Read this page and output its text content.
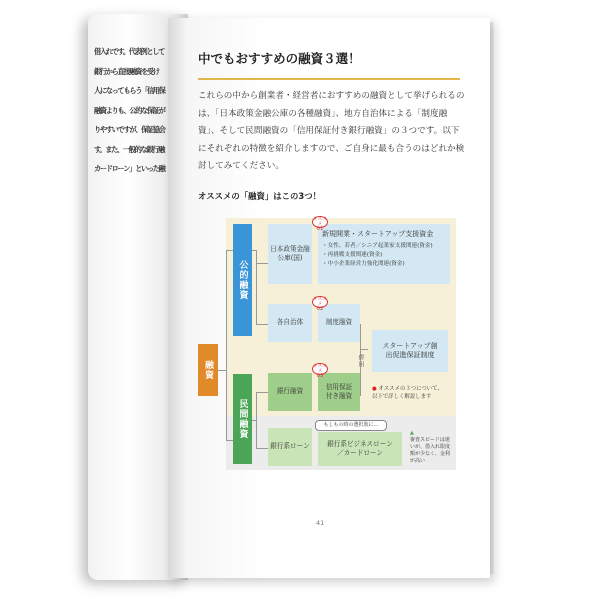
借入れです。代表例として
銀行から直接融資を受け
人になってもらう「信用保
融資よりも、公的な保証が
りやすいですが、保証協会
す。また、一般的な銀行融
カードローン」といった融
中でもおすすめの融資３選！
これらの中から創業者・経営者におすすめの融資として挙げられるのは、「日本政策金融公庫の各種融資」、地方自治体による「制度融資」、そして民間融資の「信用保証付き銀行融資」の３つです。以下にそれぞれの特徴を紹介しますので、ご自身に最も合うのはどれか検討してみてください。
オススメの「融資」はこの3つ！
融資
公的融資
民間融資
日本政策金融公庫(国)
新規開業・スタートアップ支援資金
・女性、若者／シニア起業家支援関連(資金)
・再挑戦支援関連(資金)
・中小企業経営力強化関連(資金)
各自治体	制度融資
スタートアップ創出促進保証制度
併用
銀行融資
信用保証付き融資
● オススメの３つについて、以下で詳しく解説します
銀行系ローン	銀行系ビジネスローン／カードローン
もしもの時の選択肢に…
▲
審査スピードは速いが、借入れ限度額が少なく、金利が高い
オススメ
01
オススメ
02
オススメ
03
41
